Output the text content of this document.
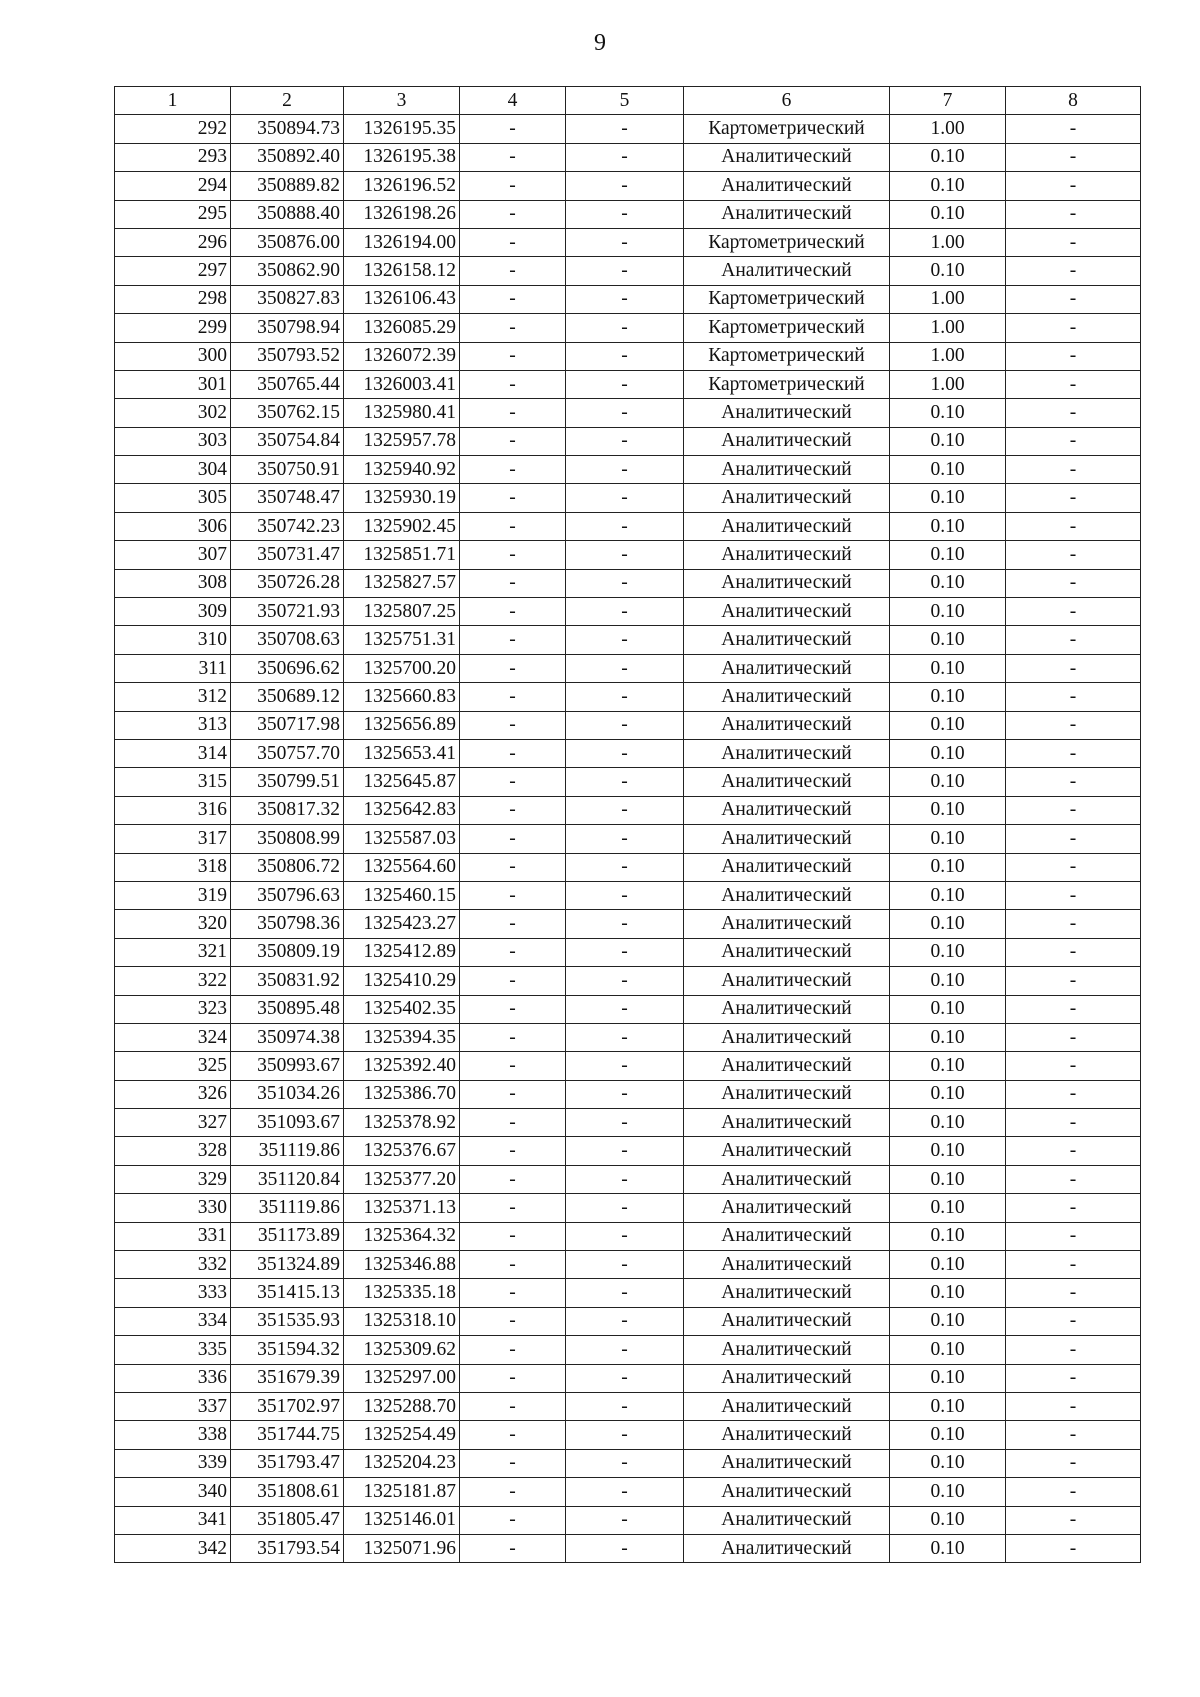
9
1	2	3	4	5	6	7	8
292	350894.73	1326195.35	-	-	Картометрический	1.00	-
293	350892.40	1326195.38	-	-	Аналитический	0.10	-
294	350889.82	1326196.52	-	-	Аналитический	0.10	-
295	350888.40	1326198.26	-	-	Аналитический	0.10	-
296	350876.00	1326194.00	-	-	Картометрический	1.00	-
297	350862.90	1326158.12	-	-	Аналитический	0.10	-
298	350827.83	1326106.43	-	-	Картометрический	1.00	-
299	350798.94	1326085.29	-	-	Картометрический	1.00	-
300	350793.52	1326072.39	-	-	Картометрический	1.00	-
301	350765.44	1326003.41	-	-	Картометрический	1.00	-
302	350762.15	1325980.41	-	-	Аналитический	0.10	-
303	350754.84	1325957.78	-	-	Аналитический	0.10	-
304	350750.91	1325940.92	-	-	Аналитический	0.10	-
305	350748.47	1325930.19	-	-	Аналитический	0.10	-
306	350742.23	1325902.45	-	-	Аналитический	0.10	-
307	350731.47	1325851.71	-	-	Аналитический	0.10	-
308	350726.28	1325827.57	-	-	Аналитический	0.10	-
309	350721.93	1325807.25	-	-	Аналитический	0.10	-
310	350708.63	1325751.31	-	-	Аналитический	0.10	-
311	350696.62	1325700.20	-	-	Аналитический	0.10	-
312	350689.12	1325660.83	-	-	Аналитический	0.10	-
313	350717.98	1325656.89	-	-	Аналитический	0.10	-
314	350757.70	1325653.41	-	-	Аналитический	0.10	-
315	350799.51	1325645.87	-	-	Аналитический	0.10	-
316	350817.32	1325642.83	-	-	Аналитический	0.10	-
317	350808.99	1325587.03	-	-	Аналитический	0.10	-
318	350806.72	1325564.60	-	-	Аналитический	0.10	-
319	350796.63	1325460.15	-	-	Аналитический	0.10	-
320	350798.36	1325423.27	-	-	Аналитический	0.10	-
321	350809.19	1325412.89	-	-	Аналитический	0.10	-
322	350831.92	1325410.29	-	-	Аналитический	0.10	-
323	350895.48	1325402.35	-	-	Аналитический	0.10	-
324	350974.38	1325394.35	-	-	Аналитический	0.10	-
325	350993.67	1325392.40	-	-	Аналитический	0.10	-
326	351034.26	1325386.70	-	-	Аналитический	0.10	-
327	351093.67	1325378.92	-	-	Аналитический	0.10	-
328	351119.86	1325376.67	-	-	Аналитический	0.10	-
329	351120.84	1325377.20	-	-	Аналитический	0.10	-
330	351119.86	1325371.13	-	-	Аналитический	0.10	-
331	351173.89	1325364.32	-	-	Аналитический	0.10	-
332	351324.89	1325346.88	-	-	Аналитический	0.10	-
333	351415.13	1325335.18	-	-	Аналитический	0.10	-
334	351535.93	1325318.10	-	-	Аналитический	0.10	-
335	351594.32	1325309.62	-	-	Аналитический	0.10	-
336	351679.39	1325297.00	-	-	Аналитический	0.10	-
337	351702.97	1325288.70	-	-	Аналитический	0.10	-
338	351744.75	1325254.49	-	-	Аналитический	0.10	-
339	351793.47	1325204.23	-	-	Аналитический	0.10	-
340	351808.61	1325181.87	-	-	Аналитический	0.10	-
341	351805.47	1325146.01	-	-	Аналитический	0.10	-
342	351793.54	1325071.96	-	-	Аналитический	0.10	-
